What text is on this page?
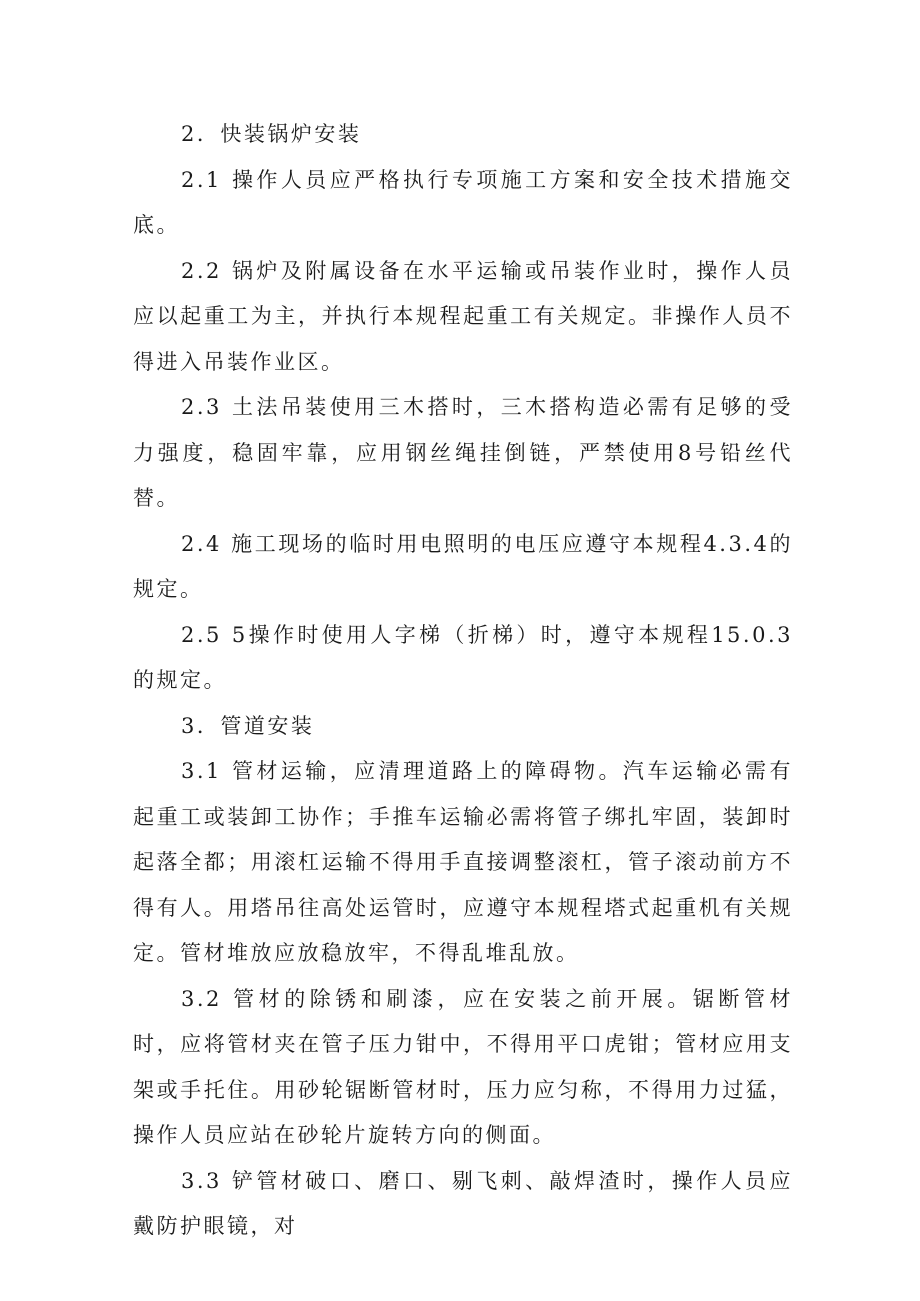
2．快装锅炉安装

2.1 操作人员应严格执行专项施工方案和安全技术措施交底。

2.2 锅炉及附属设备在水平运输或吊装作业时，操作人员应以起重工为主，并执行本规程起重工有关规定。非操作人员不得进入吊装作业区。

2.3 土法吊装使用三木搭时，三木搭构造必需有足够的受力强度，稳固牢靠，应用钢丝绳挂倒链，严禁使用8号铅丝代替。

2.4 施工现场的临时用电照明的电压应遵守本规程4.3.4的规定。

2.5 5操作时使用人字梯（折梯）时，遵守本规程15.0.3的规定。

3．管道安装

3.1 管材运输，应清理道路上的障碍物。汽车运输必需有起重工或装卸工协作；手推车运输必需将管子绑扎牢固，装卸时起落全都；用滚杠运输不得用手直接调整滚杠，管子滚动前方不得有人。用塔吊往高处运管时，应遵守本规程塔式起重机有关规定。管材堆放应放稳放牢，不得乱堆乱放。

3.2 管材的除锈和刷漆，应在安装之前开展。锯断管材时，应将管材夹在管子压力钳中，不得用平口虎钳；管材应用支架或手托住。用砂轮锯断管材时，压力应匀称，不得用力过猛，操作人员应站在砂轮片旋转方向的侧面。

3.3 铲管材破口、磨口、剔飞刺、敲焊渣时，操作人员应戴防护眼镜，对
